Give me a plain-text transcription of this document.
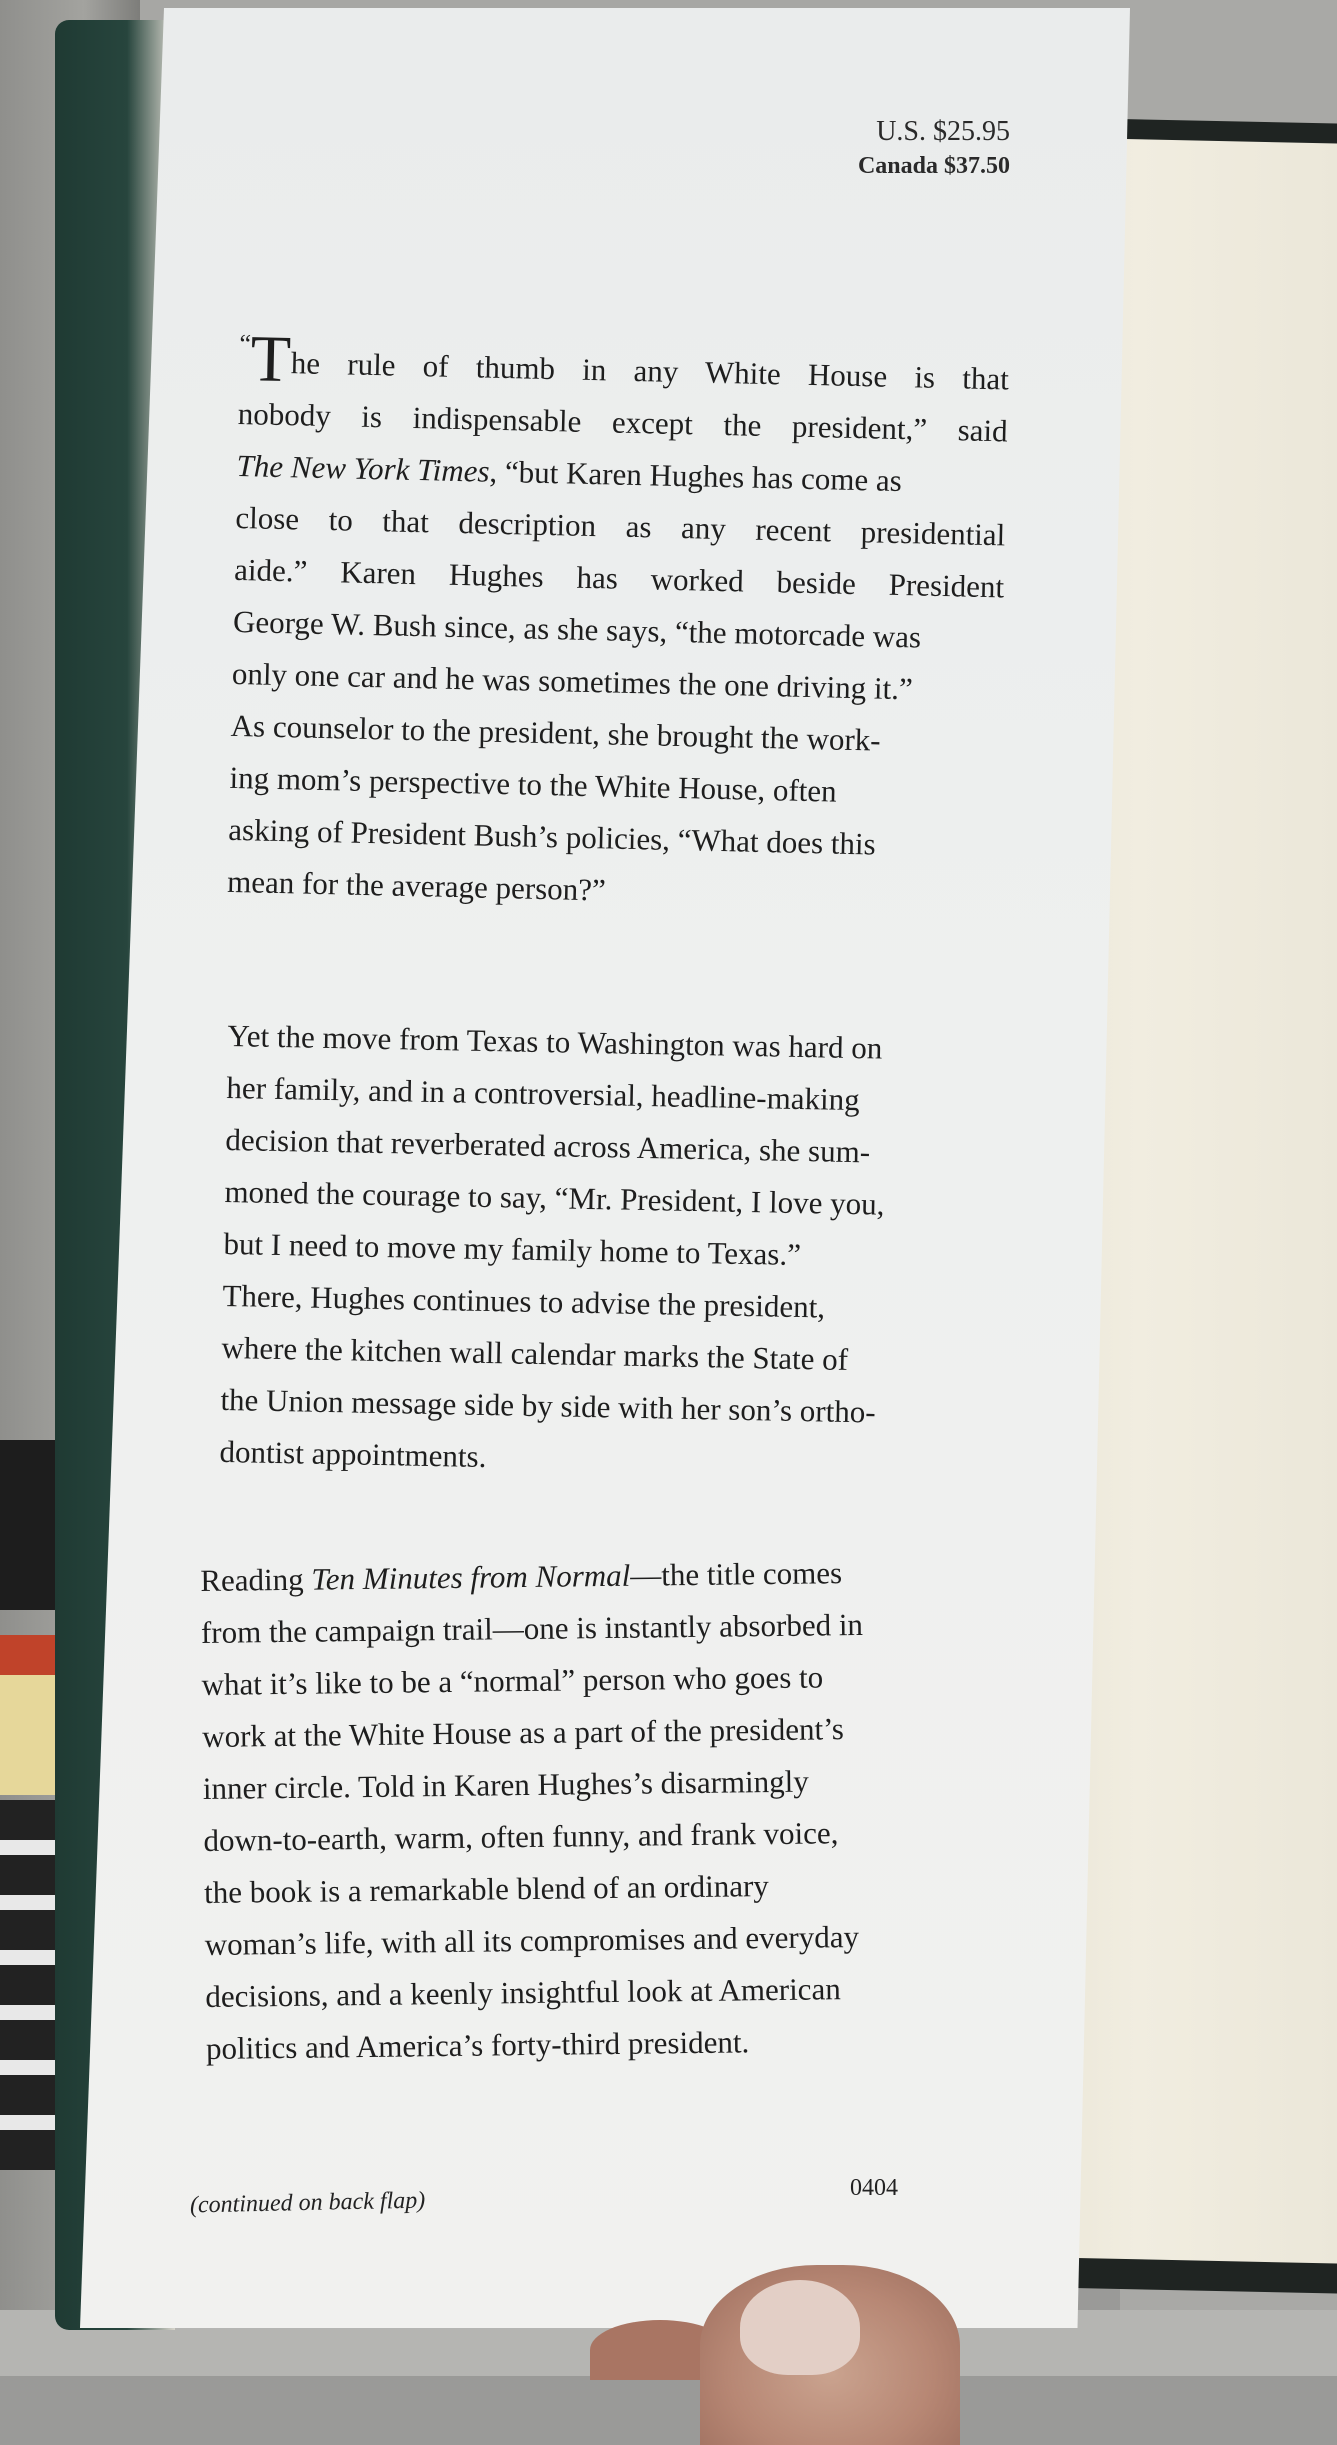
U.S. $25.95
Canada $37.50
“The rule of thumb in any White House is that
nobody is indispensable except the president,” said
The New York Times, “but Karen Hughes has come as
close to that description as any recent presidential
aide.” Karen Hughes has worked beside President
George W. Bush since, as she says, “the motorcade was
only one car and he was sometimes the one driving it.”
As counselor to the president, she brought the work-
ing mom’s perspective to the White House, often
asking of President Bush’s policies, “What does this
mean for the average person?”
Yet the move from Texas to Washington was hard on
her family, and in a controversial, headline-making
decision that reverberated across America, she sum-
moned the courage to say, “Mr. President, I love you,
but I need to move my family home to Texas.”
There, Hughes continues to advise the president,
where the kitchen wall calendar marks the State of
the Union message side by side with her son’s ortho-
dontist appointments.
Reading Ten Minutes from Normal—the title comes
from the campaign trail—one is instantly absorbed in
what it’s like to be a “normal” person who goes to
work at the White House as a part of the president’s
inner circle. Told in Karen Hughes’s disarmingly
down-to-earth, warm, often funny, and frank voice,
the book is a remarkable blend of an ordinary
woman’s life, with all its compromises and everyday
decisions, and a keenly insightful look at American
politics and America’s forty-third president.
(continued on back flap)	0404
